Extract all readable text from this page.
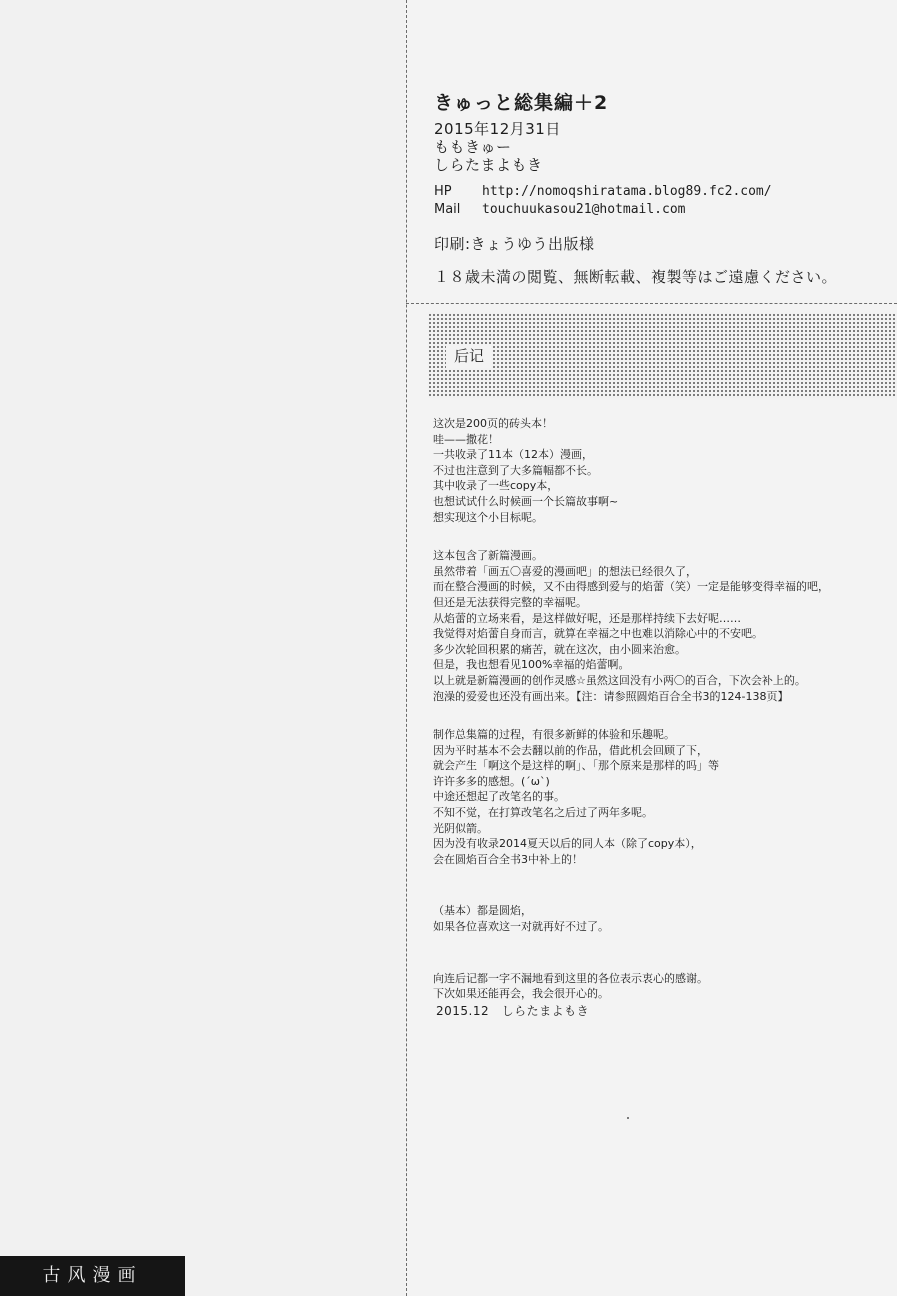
きゅっと総集編＋2
2015年12月31日
ももきゅー
しらたまよもき
HP	http://nomoqshiratama.blog89.fc2.com/
Mail	touchuukasou21@hotmail.com
印刷:きょうゆう出版様
１８歳未満の閲覧、無断転載、複製等はご遠慮ください。
后记
这次是200页的砖头本！
哇——撒花！
一共收录了11本（12本）漫画，
不过也注意到了大多篇幅都不长。
其中收录了一些copy本，
也想试试什么时候画一个长篇故事啊~
想实现这个小目标呢。
这本包含了新篇漫画。
虽然带着「画五〇喜爱的漫画吧」的想法已经很久了，
而在整合漫画的时候，又不由得感到爱与的焰蕾（笑）一定是能够变得幸福的吧，
但还是无法获得完整的幸福呢。
从焰蕾的立场来看，是这样做好呢，还是那样持续下去好呢……
我觉得对焰蕾自身而言，就算在幸福之中也难以消除心中的不安吧。
多少次轮回积累的痛苦，就在这次，由小圆来治愈。
但是，我也想看见100%幸福的焰蕾啊。
以上就是新篇漫画的创作灵感☆虽然这回没有小两〇的百合，下次会补上的。
泡澡的爱爱也还没有画出来。【注：请参照圆焰百合全书3的124-138页】
制作总集篇的过程，有很多新鲜的体验和乐趣呢。
因为平时基本不会去翻以前的作品，借此机会回顾了下，
就会产生「啊这个是这样的啊」、「那个原来是那样的吗」等
许许多多的感想。(´ω`)
中途还想起了改笔名的事。
不知不觉，在打算改笔名之后过了两年多呢。
光阴似箭。
因为没有收录2014夏天以后的同人本（除了copy本），
会在圆焰百合全书3中补上的！
（基本）都是圆焰，
如果各位喜欢这一对就再好不过了。
向连后记都一字不漏地看到这里的各位表示衷心的感谢。
下次如果还能再会，我会很开心的。
2015.12　しらたまよもき
古风漫画
